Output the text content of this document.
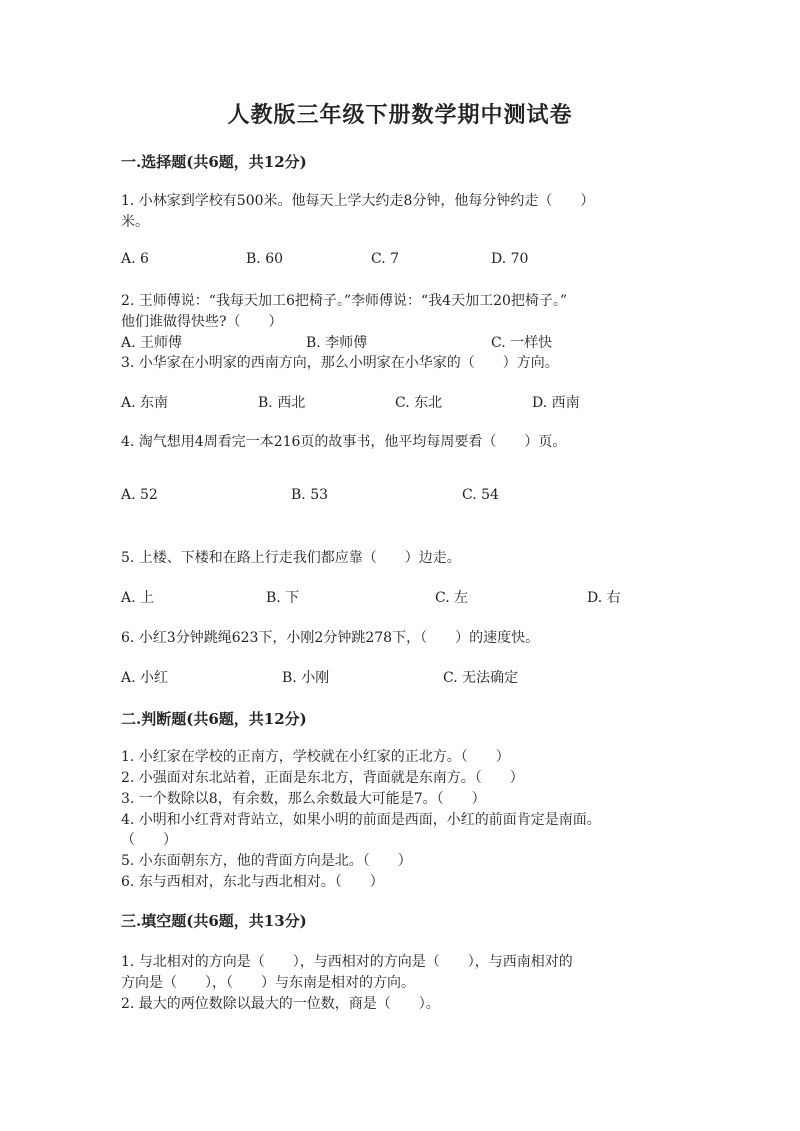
人教版三年级下册数学期中测试卷
一.选择题(共6题，共12分)
1. 小林家到学校有500米。他每天上学大约走8分钟，他每分钟约走（　　）
米。
A. 6	B. 60	C. 7	D. 70
2. 王师傅说：“我每天加工6把椅子。”李师傅说：“我4天加工20把椅子。”
他们谁做得快些?（　　）
A. 王师傅	B. 李师傅	C. 一样快
3. 小华家在小明家的西南方向，那么小明家在小华家的（　　）方向。
A. 东南	B. 西北	C. 东北	D. 西南
4. 淘气想用4周看完一本216页的故事书，他平均每周要看（　　）页。
A. 52	B. 53	C. 54
5. 上楼、下楼和在路上行走我们都应靠（　　）边走。
A. 上	B. 下	C. 左	D. 右
6. 小红3分钟跳绳623下，小刚2分钟跳278下，（　　）的速度快。
A. 小红	B. 小刚	C. 无法确定
二.判断题(共6题，共12分)
1. 小红家在学校的正南方，学校就在小红家的正北方。（　　）
2. 小强面对东北站着，正面是东北方，背面就是东南方。（　　）
3. 一个数除以8，有余数，那么余数最大可能是7。（　　）
4. 小明和小红背对背站立，如果小明的前面是西面，小红的前面肯定是南面。
（　　）
5. 小东面朝东方，他的背面方向是北。（　　）
6. 东与西相对，东北与西北相对。（　　）
三.填空题(共6题，共13分)
1. 与北相对的方向是（　　），与西相对的方向是（　　），与西南相对的
方向是（　　），（　　）与东南是相对的方向。
2. 最大的两位数除以最大的一位数，商是（　　）。
